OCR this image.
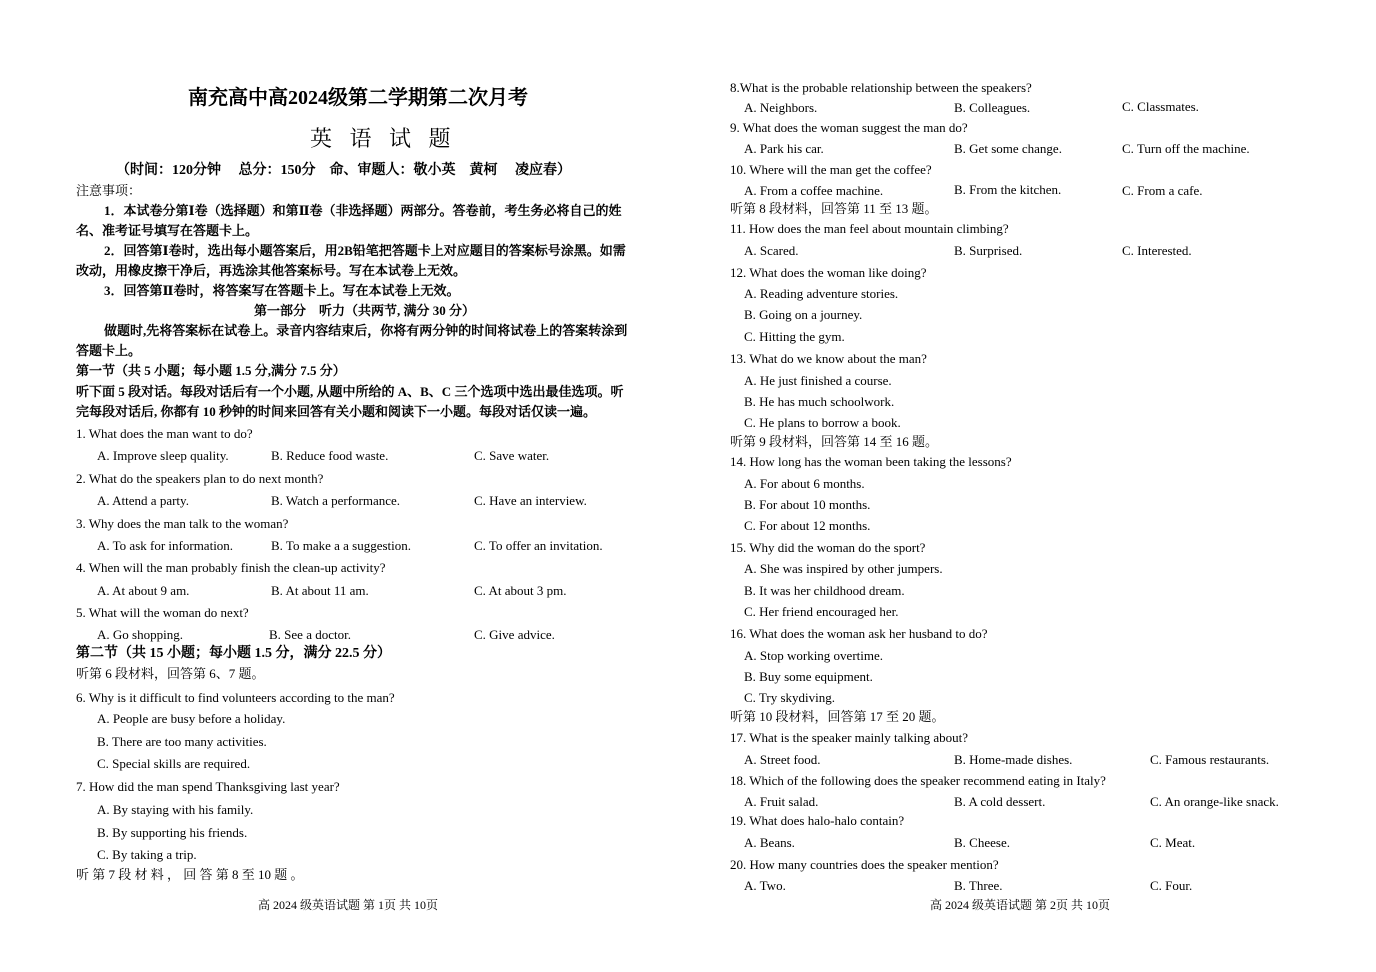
南充高中高2024级第二学期第二次月考
英 语 试 题
（时间：120分钟　 总分：150分　命、审题人：敬小英　黄柯　 凌应春）
注意事项：
1．本试卷分第Ⅰ卷（选择题）和第Ⅱ卷（非选择题）两部分。答卷前，考生务必将自己的姓
名、准考证号填写在答题卡上。
2．回答第Ⅰ卷时，选出每小题答案后，用2B铅笔把答题卡上对应题目的答案标号涂黑。如需
改动，用橡皮擦干净后，再选涂其他答案标号。写在本试卷上无效。
3．回答第Ⅱ卷时，将答案写在答题卡上。写在本试卷上无效。
第一部分　听力（共两节, 满分 30 分）
做题时,先将答案标在试卷上。录音内容结束后，你将有两分钟的时间将试卷上的答案转涂到
答题卡上。
第一节（共 5 小题；每小题 1.5 分,满分 7.5 分）
听下面 5 段对话。每段对话后有一个小题, 从题中所给的 A、B、C 三个选项中选出最佳选项。听
完每段对话后, 你都有 10 秒钟的时间来回答有关小题和阅读下一小题。每段对话仅读一遍。
1. What does the man want to do?
A. Improve sleep quality.	B. Reduce food waste.	C. Save water.
2. What do the speakers plan to do next month?
A. Attend a party.	B. Watch a performance.	C. Have an interview.
3. Why does the man talk to the woman?
A. To ask for information.	B. To make a a suggestion.	C. To offer an invitation.
4. When will the man probably finish the clean-up activity?
A. At about 9 am.	B. At about 11 am.	C. At about 3 pm.
5. What will the woman do next?
A. Go shopping.	B. See a doctor.	C. Give advice.
第二节（共 15 小题；每小题 1.5 分，满分 22.5 分）
听第 6 段材料，回答第 6、7 题。
6. Why is it difficult to find volunteers according to the man?
A. People are busy before a holiday.
B. There are too many activities.
C. Special skills are required.
7. How did the man spend Thanksgiving last year?
A. By staying with his family.
B. By supporting his friends.
C. By taking a trip.
听 第 7 段 材 料 ， 回 答 第 8 至 10 题 。
高 2024 级英语试题 第 1页 共 10页
8.What is the probable relationship between the speakers?
A. Neighbors.	B. Colleagues.	C. Classmates.
9. What does the woman suggest the man do?
A. Park his car.	B. Get some change.	C. Turn off the machine.
10. Where will the man get the coffee?
A. From a coffee machine.	B. From the kitchen.	C. From a cafe.
听第 8 段材料，回答第 11 至 13 题。
11. How does the man feel about mountain climbing?
A. Scared.	B. Surprised.	C. Interested.
12. What does the woman like doing?
A. Reading adventure stories.
B. Going on a journey.
C. Hitting the gym.
13. What do we know about the man?
A. He just finished a course.
B. He has much schoolwork.
C. He plans to borrow a book.
听第 9 段材料，回答第 14 至 16 题。
14. How long has the woman been taking the lessons?
A. For about 6 months.
B. For about 10 months.
C. For about 12 months.
15. Why did the woman do the sport?
A. She was inspired by other jumpers.
B. It was her childhood dream.
C. Her friend encouraged her.
16. What does the woman ask her husband to do?
A. Stop working overtime.
B. Buy some equipment.
C. Try skydiving.
听第 10 段材料，回答第 17 至 20 题。
17. What is the speaker mainly talking about?
A. Street food.	B. Home-made dishes.	C. Famous restaurants.
18. Which of the following does the speaker recommend eating in Italy?
A. Fruit salad.	B. A cold dessert.	C. An orange-like snack.
19. What does halo-halo contain?
A. Beans.	B. Cheese.	C. Meat.
20. How many countries does the speaker mention?
A. Two.	B. Three.	C. Four.
高 2024 级英语试题 第 2页 共 10页
